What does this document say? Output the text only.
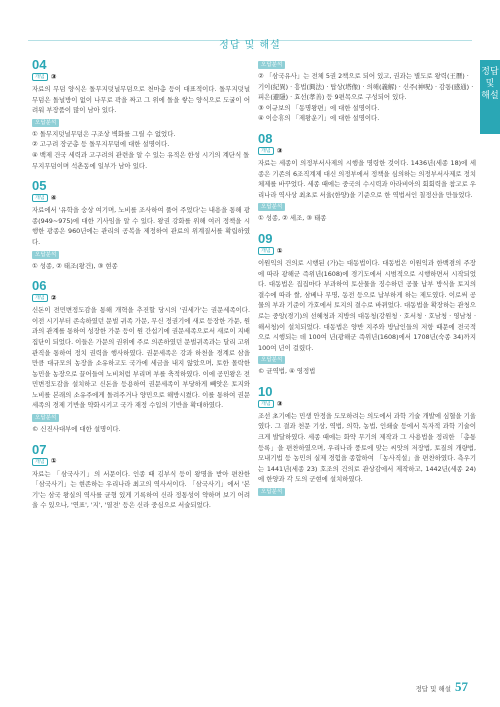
정답 및 해설
정답 및 해설
04
개념 ③
자료의 무덤 양식은 돌무지덧널무덤으로 천마총 등이 대표적이다. 돌무지덧널무덤은 돌널방이 없이 나무로 곽을 짜고 그 위에 돌을 쌓는 양식으로 도굴이 어려워 부장품이 많이 남아 있다.
오답분석
① 돌무지덧널무덤은 구조상 벽화를 그릴 수 없었다.
② 고구려 장군총 등 돌무지무덤에 대한 설명이다.
④ 백제 건국 세력과 고구려의 관련을 알 수 있는 유적은 한성 시기의 계단식 돌무지무덤이며 석촌동에 일부가 남아 있다.
05
개념 ④
자료에서 '유학을 숭상 여기며, 노비를 조사하여 풀어 주었다'는 내용을 통해 광종(949~975)에 대한 기사임을 알 수 있다. 왕권 강화를 위해 여러 정책을 시행한 광종은 960년에는 관리의 공복을 제정하여 관료의 위계질서를 확립하였다.
오답분석
① 성종, ② 태조(왕건), ③ 현종
06
개념 ②
신돈이 전민변정도감을 통해 개혁을 추진할 당시의 '권세가'는 권문세족이다. 이전 시기부터 존속하였던 문벌 귀족 가문, 무신 정권기에 새로 등장한 가문, 원과의 관계를 통하여 성장한 가문 등이 원 간섭기에 권문세족으로서 새로이 지배집단이 되었다. 이들은 가문의 권위에 주로 의존하였던 문벌귀족과는 달리 고위 관직을 통하여 정치 권력을 행사하였다. 권문세족은 강과 하천을 경계로 삼을 만큼 대규모의 농장을 소유하고도 국가에 세금을 내지 않았으며, 토한 몰락한 농민을 농장으로 끌어들여 노비처럼 부리며 부를 축적하였다. 이에 공민왕은 전민변정도감을 설치하고 신돈을 등용하여 권문세족이 부당하게 빼앗은 토지와 노비를 본래의 소유주에게 돌려주거나 양민으로 해방시켰다. 이를 통하여 권문세족의 경제 기반을 약화시키고 국가 재정 수입의 기반을 확대하였다.
오답분석
© 신진사대부에 대한 설명이다.
07
개념 ①
자료는 「삼국사기」의 서문이다. 인종 때 김부식 등이 왕명을 받아 편찬한 「삼국사기」는 현존하는 우리나라 최고의 역사서이다. 「삼국사기」에서 '본기'는 삼국 왕실의 역사를 균형 있게 기록하여 신라 정통성이 약하며 보기 어려울 수 있으나, '연표', '지', '열전' 등은 신라 중심으로 서술되었다.
오답분석
② 「삼국유사」는 전체 5권 2책으로 되어 있고, 권과는 별도로 왕력(王曆) · 기이(紀異) · 흥법(興法) · 탑상(塔像) · 의해(義解) · 신주(神呪) · 감통(感通) · 피은(避隱) · 효선(孝善) 등 9편목으로 구성되어 있다.
③ 이규보의 「동명왕편」에 대한 설명이다.
④ 이승휴의 「제왕운기」에 대한 설명이다.
08
개념 ③
자료는 세종이 의정부서사제의 시행을 명령한 것이다. 1436년(세종 18)에 세종은 기존의 6조직계제 대신 의정부에서 정책을 심의하는 의정부서사제로 정치 체제를 바꾸었다. 세종 때에는 중국의 수시력과 아라비아의 회회력을 참고로 우리나라 역사상 최초로 서울(한양)을 기준으로 한 역법서인 칠정산을 만들었다.
오답분석
① 성종, ② 세조, ③ 태종
09
개념 ①
이원익의 건의로 시행된 (가)는 대동법이다. 대동법은 이원익과 한백겸의 주장에 따라 광해군 즉위년(1608)에 경기도에서 시범적으로 시행하면서 시작되었다. 대동법은 집집마다 부과하여 토산물을 징수하던 공물 납부 방식을 토지의 결수에 따라 쌀, 삼베나 무명, 동전 등으로 납부하게 하는 제도였다. 이로써 공물의 부과 기준이 가호에서 토지의 결수로 바뀌었다. 대동법을 확장하는 관청으로는 중앙(경기)의 선혜청과 지방의 대동청(강원청 · 호서청 · 호남청 · 영남청 · 해서청)이 설치되었다. 대동법은 양반 지주와 방납인들의 저항 때문에 전국적으로 시행되는 데 100여 년(광해군 즉위년(1608)에서 1708년(숙종 34)까지 100여 년이 걸렸다.
오답분석
© 균역법, ④ 영정법
10
개념 ③
조선 초기에는 민생 안정을 도모하려는 의도에서 과학 기술 개발에 심혈을 기울였다. 그 결과 천문 기상, 역법, 의학, 농법, 인쇄술 등에서 독자적 과학 기술이 크게 발달하였다. 세종 때에는 화약 무기의 제작과 그 사용법을 정리한 「총통등록」을 편찬하였으며, 우리나라 풍토에 맞는 씨앗의 저장법, 토질의 개량법, 모내기법 등 농민의 실제 경험을 종합하여 「농사직설」을 편찬하였다. 측우기는 1441년(세종 23) 호조의 건의로 관상감에서 제작하고, 1442년(세종 24)에 한양과 각 도의 군현에 설치하였다.
오답분석
정답 및 해설 57
